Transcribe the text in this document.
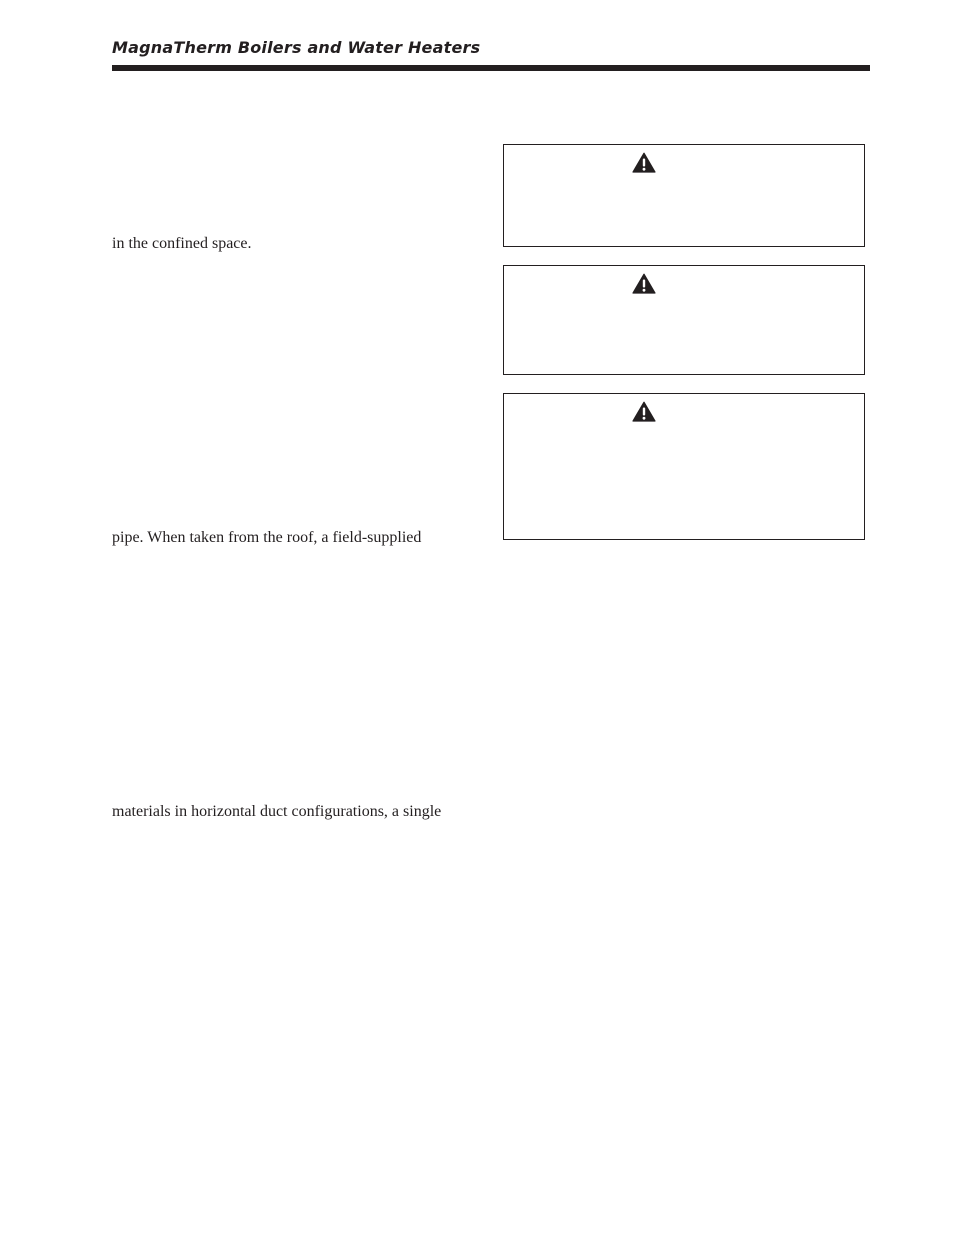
MagnaTherm Boilers and Water Heaters
in the confined space.
pipe. When taken from the roof, a field-supplied
materials in horizontal duct configurations, a single
